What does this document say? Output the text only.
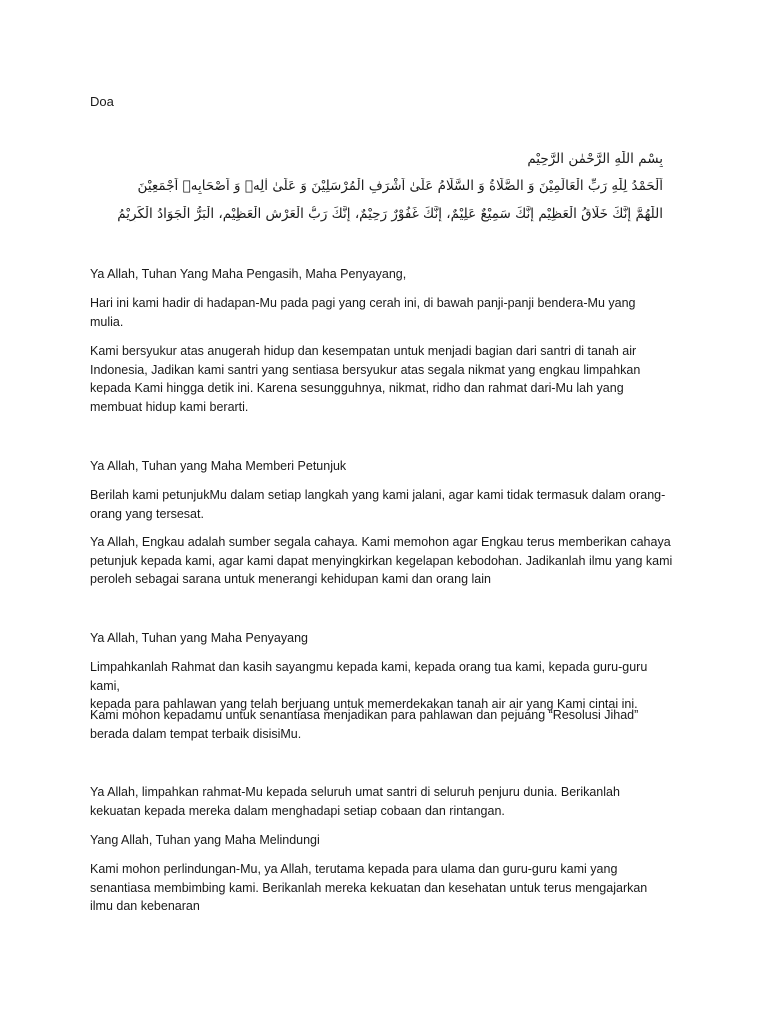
Doa
بِسْمِ اللّٰهِ الرَّحْمٰنِ الرَّحِيْمِ
اَلْحَمْدُ لِلّٰهِ رَبِّ الْعَالَمِيْنَ وَ الصَّلَاةُ وَ السَّلَامُ عَلَىٰ اَشْرَفِ الْمُرْسَلِيْنَ وَ عَلَىٰ اٰلِهٖ وَ اَصْحَابِهٖ اَجْمَعِيْنَ
اللّٰهُمَّ إِنَّكَ خَلَّاقُ الْعَظِيْمِ إِنَّكَ سَمِيْعٌ عَلِيْمٌ، إِنَّكَ غَفُوْرٌ رَحِيْمٌ، إِنَّكَ رَبُّ الْعَرْشِ الْعَظِيْمِ، الْبَرُّ الْجَوَادُ الْكَرِيْمُ
Ya Allah, Tuhan Yang Maha Pengasih, Maha Penyayang,
Hari ini kami hadir di hadapan-Mu pada pagi yang cerah ini, di bawah panji-panji bendera-Mu yang
mulia.
Kami bersyukur atas anugerah hidup dan kesempatan untuk menjadi bagian dari santri di tanah air
Indonesia, Jadikan kami santri yang sentiasa bersyukur atas segala nikmat yang engkau limpahkan
kepada Kami hingga detik ini. Karena sesungguhnya, nikmat, ridho dan rahmat dari-Mu lah yang
membuat hidup kami berarti.
Ya Allah, Tuhan yang Maha Memberi Petunjuk
Berilah kami petunjukMu dalam setiap langkah yang kami jalani, agar kami tidak termasuk dalam orang-
orang yang tersesat.
Ya Allah, Engkau adalah sumber segala cahaya. Kami memohon agar Engkau terus memberikan cahaya
petunjuk kepada kami, agar kami dapat menyingkirkan kegelapan kebodohan. Jadikanlah ilmu yang kami
peroleh sebagai sarana untuk menerangi kehidupan kami dan orang lain
Ya Allah, Tuhan yang Maha Penyayang
Limpahkanlah Rahmat dan kasih sayangmu kepada kami, kepada orang tua kami, kepada guru-guru kami,
kepada para pahlawan yang telah berjuang untuk memerdekakan tanah air air yang Kami cintai ini.
Kami mohon kepadamu untuk senantiasa menjadikan para pahlawan dan pejuang “Resolusi Jihad”
berada dalam tempat terbaik disisiMu.
Ya Allah, limpahkan rahmat-Mu kepada seluruh umat santri di seluruh penjuru dunia. Berikanlah
kekuatan kepada mereka dalam menghadapi setiap cobaan dan rintangan.
Yang Allah, Tuhan yang Maha Melindungi
Kami mohon perlindungan-Mu, ya Allah, terutama kepada para ulama dan guru-guru kami yang
senantiasa membimbing kami. Berikanlah mereka kekuatan dan kesehatan untuk terus mengajarkan
ilmu dan kebenaran
